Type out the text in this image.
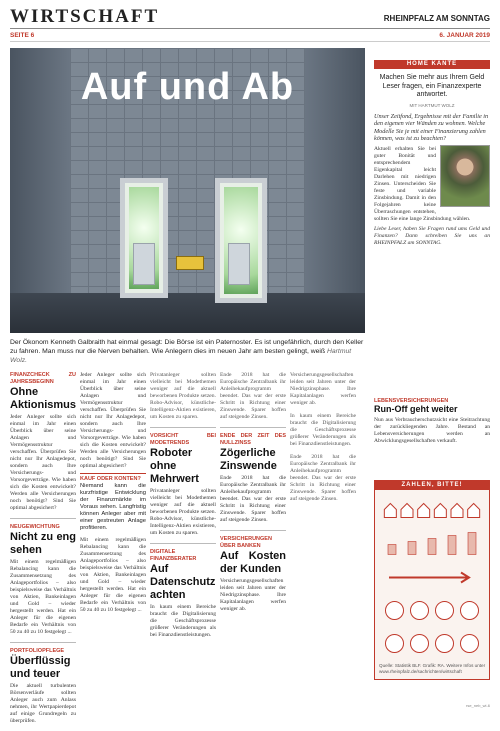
WIRTSCHAFT	RHEINPFALZ AM SONNTAG
SEITE 6	6. JANUAR 2019
Auf und Ab
Der Ökonom Kenneth Galbraith hat einmal gesagt: Die Börse ist ein Paternoster. Es ist ungefährlich, durch den Keller zu fahren. Man muss nur die Nerven behalten. Wie Anlegern dies im neuen Jahr am besten gelingt, weiß Hartmut Wolz.
FINANZCHECK ZU JAHRESBEGINN
Ohne Aktionismus
Jeder Anleger sollte sich einmal im Jahr einen Überblick über seine Anlagen und Vermögensstruktur verschaffen. Überprüfen Sie nicht nur Ihr Anlagedepot, sondern auch Ihre Versicherungs- und Vorsorgeverträge. Wie haben sich die Kosten entwickelt? Werden alle Versicherungen noch benötigt? Sind Sie optimal abgesichert?
NEUGEWICHTUNG
Nicht zu eng sehen
Mit einem regelmäßigen Rebalancing kann die Zusammensetzung des Anlageportfolios – also beispielsweise das Verhältnis von Aktien, Bankeinlagen und Gold – wieder hergestellt werden. Hat ein Anleger für die eigenen Bedarfe ein Verhältnis von 50 zu 40 zu 10 festgelegt ...
PORTFOLIOPFLEGE
Überflüssig und teuer
Die aktuell turbulenten Börsenverläufe sollten Anleger auch zum Anlass nehmen, ihr Wertpapierdepot auf einige Grundregeln zu überprüfen.
Jeder Anleger sollte sich einmal im Jahr einen Überblick über seine Anlagen und Vermögensstruktur verschaffen. Überprüfen Sie nicht nur Ihr Anlagedepot, sondern auch Ihre Versicherungs- und Vorsorgeverträge. Wie haben sich die Kosten entwickelt? Werden alle Versicherungen noch benötigt? Sind Sie optimal abgesichert?
KAUF ODER KONTEN?
Niemand kann die kurzfristige Entwicklung der Finanzmärkte im Voraus sehen. Langfristig können Anleger aber mit einer gestreuten Anlage profitieren.
Mit einem regelmäßigen Rebalancing kann die Zusammensetzung des Anlageportfolios – also beispielsweise das Verhältnis von Aktien, Bankeinlagen und Gold – wieder hergestellt werden. Hat ein Anleger für die eigenen Bedarfe ein Verhältnis von 50 zu 40 zu 10 festgelegt ...
Privatanleger sollten vielleicht bei Modethemen weniger auf die aktuell beworbenen Produkte setzen. Robo-Advisor, künstliche-Intelligenz-Aktien existieren, um Kosten zu sparen.
VORSICHT BEI MODETRENDS
Roboter ohne Mehrwert
Privatanleger sollten vielleicht bei Modethemen weniger auf die aktuell beworbenen Produkte setzen. Robo-Advisor, künstliche-Intelligenz-Aktien existieren, um Kosten zu sparen.
DIGITALE FINANZBERATER
Auf Datenschutz achten
In kaum einem Bereiche braucht die Digitalisierung die Geschäftsprozesse größerer Veränderungen als bei Finanzdienstleistungen.
Ende 2018 hat die Europäische Zentralbank ihr Anleihekaufprogramm beendet. Das war der erste Schritt in Richtung einer Zinswende. Sparer hoffen auf steigende Zinsen.
ENDE DER ZEIT DES NULLZINSS
Zögerliche Zinswende
Ende 2018 hat die Europäische Zentralbank ihr Anleihekaufprogramm beendet. Das war der erste Schritt in Richtung einer Zinswende. Sparer hoffen auf steigende Zinsen.
VERSICHERUNGEN ÜBER BANKEN
Auf Kosten der Kunden
Versicherungsgesellschaften leiden seit Jahren unter der Niedrigzinsphase. Ihre Kapitalanlagen werfen weniger ab.
Versicherungsgesellschaften leiden seit Jahren unter der Niedrigzinsphase. Ihre Kapitalanlagen werfen weniger ab.
In kaum einem Bereiche braucht die Digitalisierung die Geschäftsprozesse größerer Veränderungen als bei Finanzdienstleistungen.
Ende 2018 hat die Europäische Zentralbank ihr Anleihekaufprogramm beendet. Das war der erste Schritt in Richtung einer Zinswende. Sparer hoffen auf steigende Zinsen.
HOME KANTE
Machen Sie mehr aus Ihrem Geld Leser fragen, ein Finanzexperte antwortet.
MIT HARTMUT WOLZ
Unser Zeitfond, Ergebnisse mit der Familie in den eigenen vier Wänden zu wohnen. Welche Modelle Sie je mit einer Finanzierung zahlen können, was ist zu beachten?
Aktuell erhalten Sie bei guter Bonität und entsprechendem Eigenkapital leicht Darlehen mit niedrigen Zinsen. Unterscheiden Sie feste und variable Zinsbindung. Damit in den Folgejahren keine Überraschungen entstehen, sollten Sie eine lange Zinsbindung wählen.
Liebe Leser, haben Sie Fragen rund ums Geld und Finanzen? Dann schreiben Sie uns an RHEINPFALZ am SONNTAG.
LEBENSVERSICHERUNGEN
Run-Off geht weiter
Nun aus Verbraucherschutzsicht eine Steitrachtung der zurückliegenden Jahre. Bestand an Lebensversicherungen werden an Abwicklungsgesellschaften verkauft.
ZAHLEN, BITTE!
Quelle: Statistik BLF. Grafik: RA. Weitere Infos unter www.rheinpfalz.de/sachrichten/wirtschaft
rse_neb_wi-6
